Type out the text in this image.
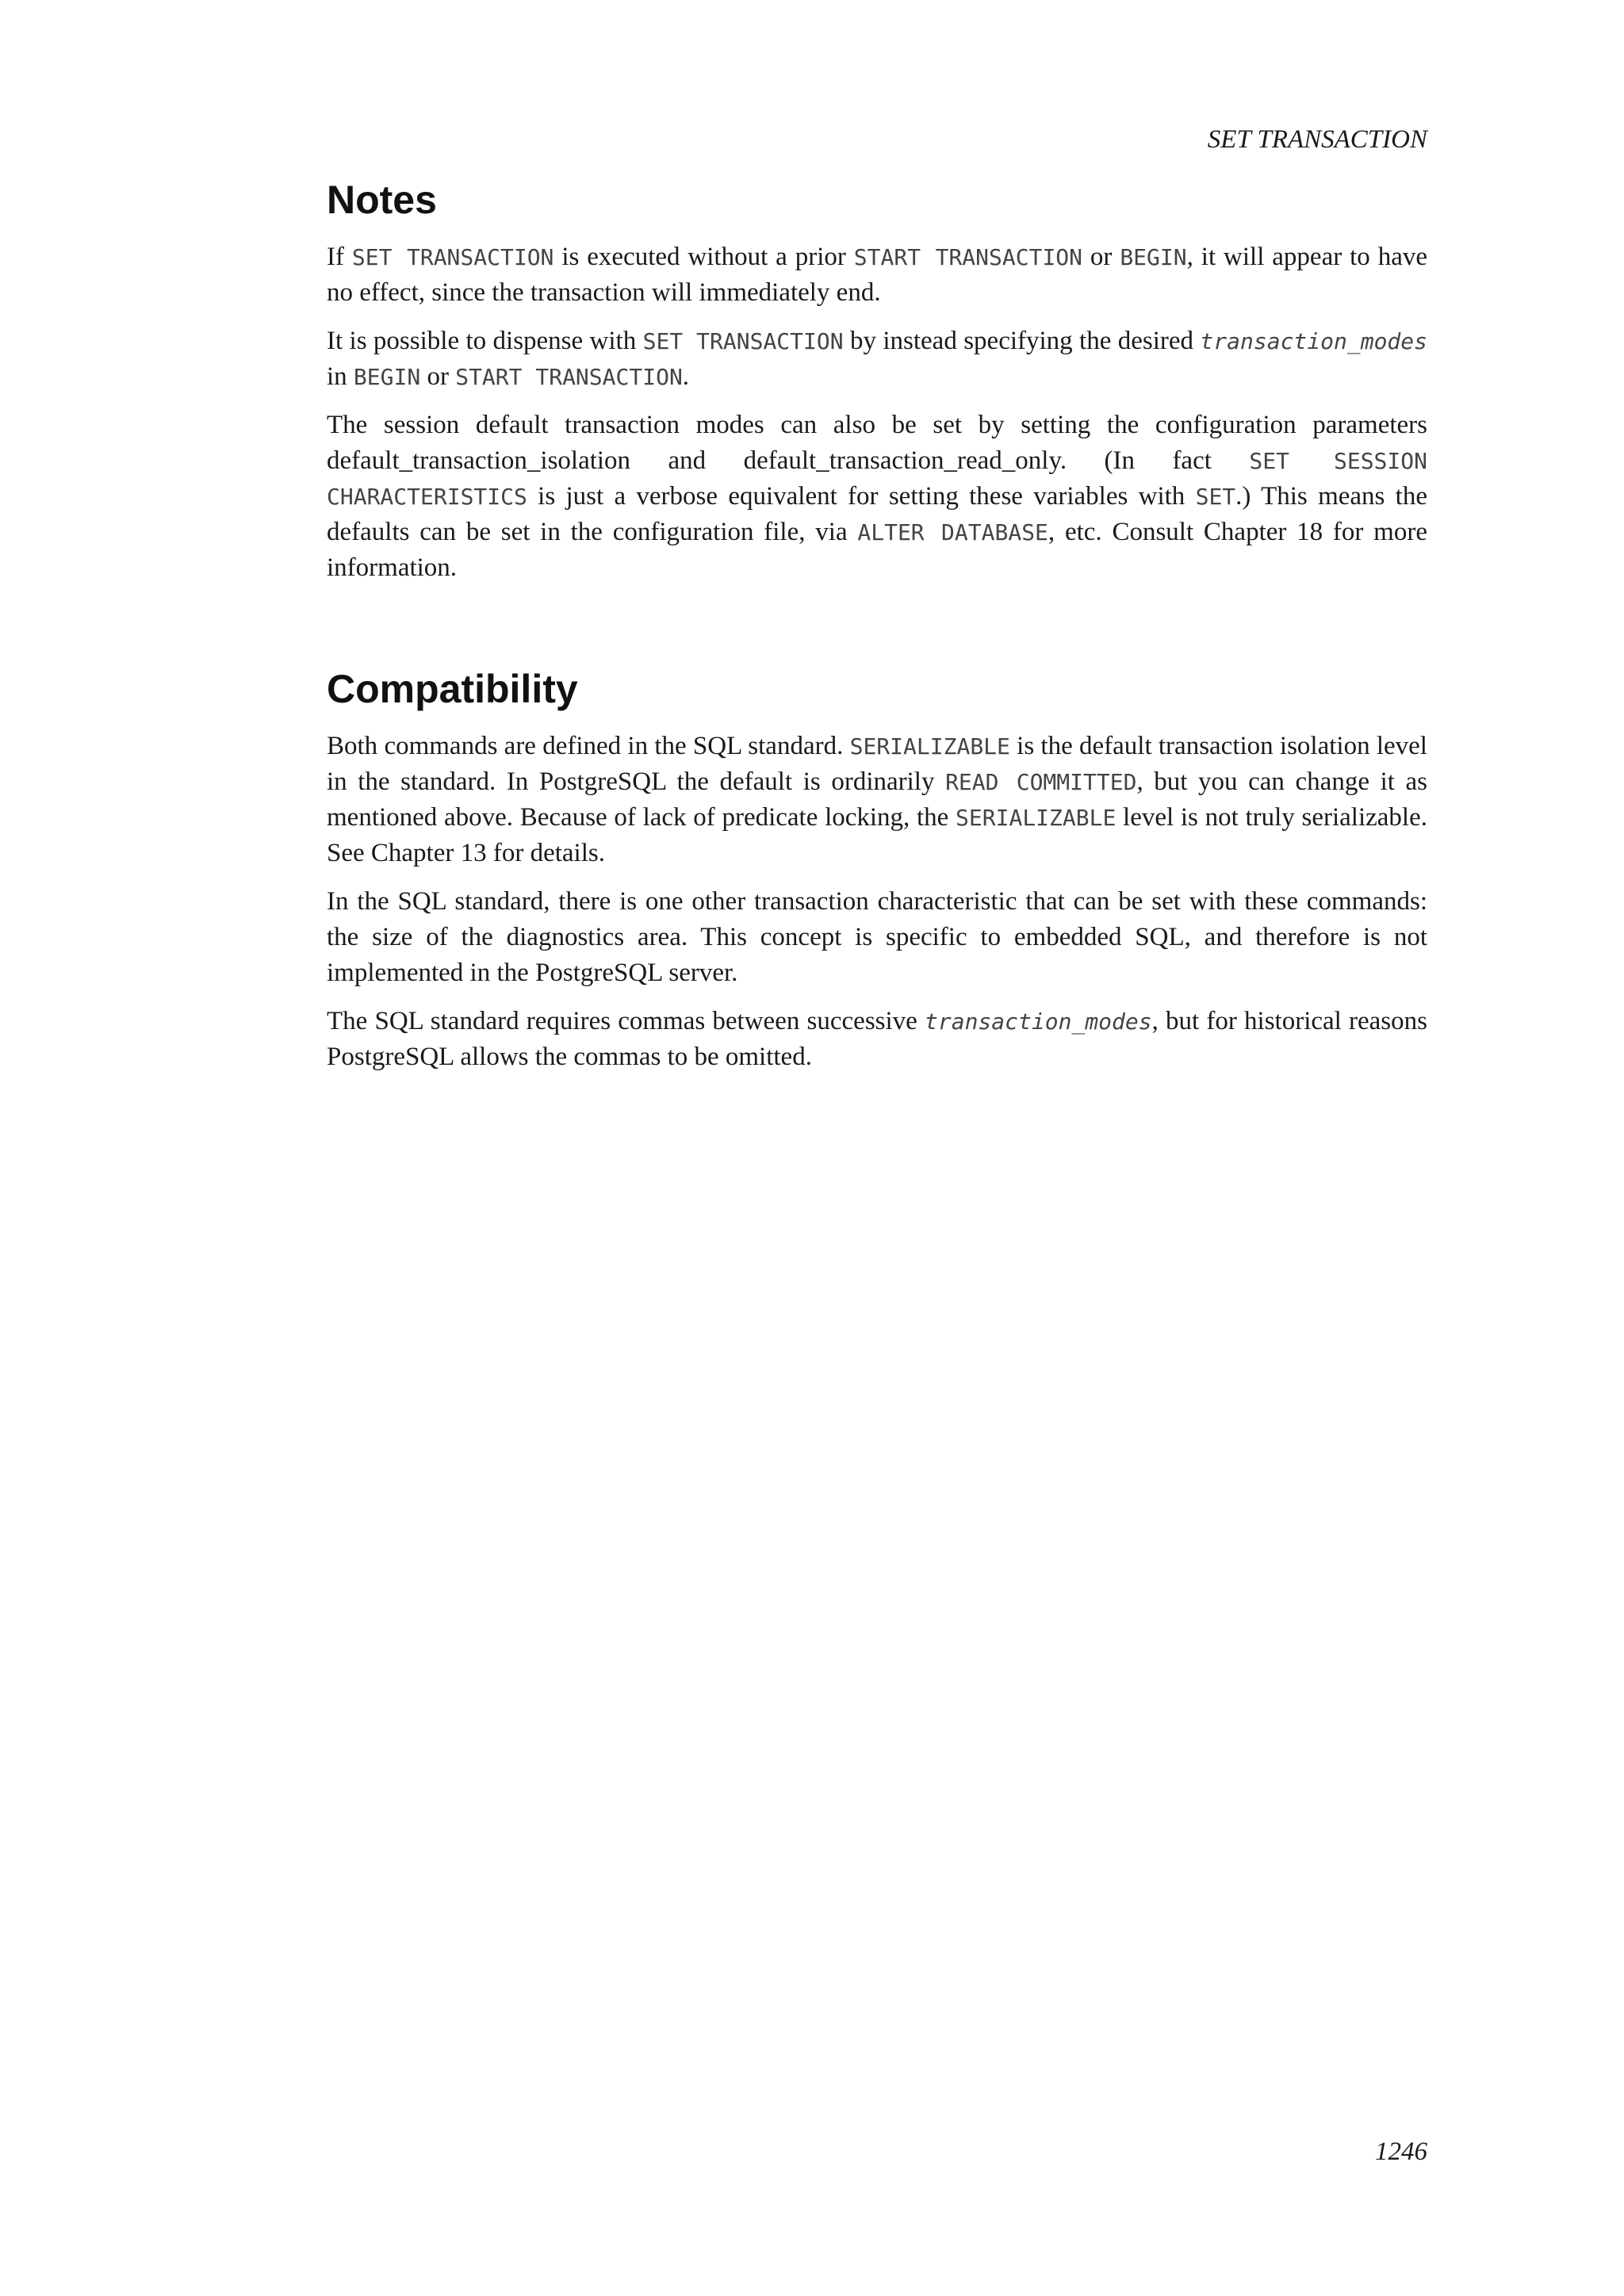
SET TRANSACTION
Notes

If SET TRANSACTION is executed without a prior START TRANSACTION or BEGIN, it will appear to have no effect, since the transaction will immediately end.

It is possible to dispense with SET TRANSACTION by instead specifying the desired transaction_modes in BEGIN or START TRANSACTION.

The session default transaction modes can also be set by setting the configuration parameters default_transaction_isolation and default_transaction_read_only. (In fact SET SESSION CHARACTERISTICS is just a verbose equivalent for setting these variables with SET.) This means the defaults can be set in the configuration file, via ALTER DATABASE, etc. Consult Chapter 18 for more information.

Compatibility

Both commands are defined in the SQL standard. SERIALIZABLE is the default transaction isolation level in the standard. In PostgreSQL the default is ordinarily READ COMMITTED, but you can change it as mentioned above. Because of lack of predicate locking, the SERIALIZABLE level is not truly serializable. See Chapter 13 for details.

In the SQL standard, there is one other transaction characteristic that can be set with these commands: the size of the diagnostics area. This concept is specific to embedded SQL, and therefore is not implemented in the PostgreSQL server.

The SQL standard requires commas between successive transaction_modes, but for historical reasons PostgreSQL allows the commas to be omitted.

1246
